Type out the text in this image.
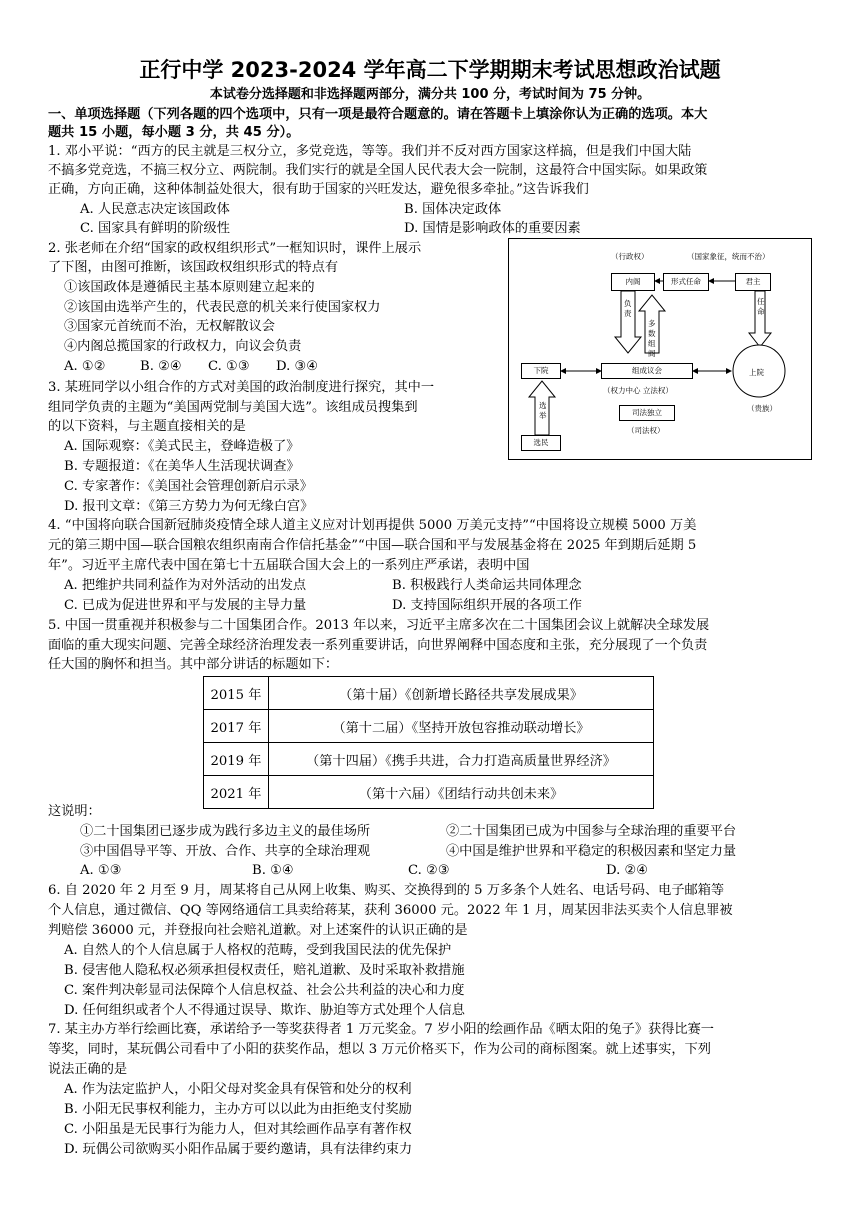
正行中学 2023-2024 学年高二下学期期末考试思想政治试题
本试卷分选择题和非选择题两部分，满分共 100 分，考试时间为 75 分钟。
一、单项选择题（下列各题的四个选项中，只有一项是最符合题意的。请在答题卡上填涂你认为正确的选项。本大
题共 15 小题，每小题 3 分，共 45 分）。
1. 邓小平说：“西方的民主就是三权分立，多党竞选，等等。我们并不反对西方国家这样搞，但是我们中国大陆
不搞多党竞选，不搞三权分立、两院制。我们实行的就是全国人民代表大会一院制，这最符合中国实际。如果政策
正确，方向正确，这种体制益处很大，很有助于国家的兴旺发达，避免很多牵扯。”这告诉我们
A. 人民意志决定该国政体	B. 国体决定政体
C. 国家具有鲜明的阶级性	D. 国情是影响政体的重要因素
2. 张老师在介绍“国家的政权组织形式”一框知识时，课件上展示
了下图，由图可推断，该国政权组织形式的特点有
①该国政体是遵循民主基本原则建立起来的
②该国由选举产生的，代表民意的机关来行使国家权力
③国家元首统而不治，无权解散议会
④内阁总揽国家的行政权力，向议会负责
A. ①②	B. ②④ C. ①③ D. ③④
（行政权）	（国家象征，统而不治）
内阁	形式任命	君主
负责
多数组阁
任命
下院	组成议会	上院
（权力中心 立法权）
（贵族）
选举	司法独立
（司法权）
选民
3. 某班同学以小组合作的方式对美国的政治制度进行探究，其中一
组同学负责的主题为“美国两党制与美国大选”。该组成员搜集到
的以下资料，与主题直接相关的是
A. 国际观察：《美式民主，登峰造极了》
B. 专题报道：《在美华人生活现状调查》
C. 专家著作：《美国社会管理创新启示录》
D. 报刊文章：《第三方势力为何无缘白宫》
4. “中国将向联合国新冠肺炎疫情全球人道主义应对计划再提供 5000 万美元支持”“中国将设立规模 5000 万美
元的第三期中国—联合国粮农组织南南合作信托基金”“中国—联合国和平与发展基金将在 2025 年到期后延期 5
年”。习近平主席代表中国在第七十五届联合国大会上的一系列庄严承诺，表明中国
A. 把维护共同利益作为对外活动的出发点	B. 积极践行人类命运共同体理念
C. 已成为促进世界和平与发展的主导力量	D. 支持国际组织开展的各项工作
5. 中国一贯重视并积极参与二十国集团合作。2013 年以来，习近平主席多次在二十国集团会议上就解决全球发展
面临的重大现实问题、完善全球经济治理发表一系列重要讲话，向世界阐释中国态度和主张，充分展现了一个负责
任大国的胸怀和担当。其中部分讲话的标题如下：
2015 年	（第十届）《创新增长路径共享发展成果》
2017 年	（第十二届）《坚持开放包容推动联动增长》
2019 年	（第十四届）《携手共进，合力打造高质量世界经济》
2021 年	（第十六届）《团结行动共创未来》
这说明：
①二十国集团已逐步成为践行多边主义的最佳场所	②二十国集团已成为中国参与全球治理的重要平台
③中国倡导平等、开放、合作、共享的全球治理观	④中国是维护世界和平稳定的积极因素和坚定力量
A. ①③	B. ①④	C. ②③	D. ②④
6. 自 2020 年 2 月至 9 月，周某将自己从网上收集、购买、交换得到的 5 万多条个人姓名、电话号码、电子邮箱等
个人信息，通过微信、QQ 等网络通信工具卖给蒋某，获利 36000 元。2022 年 1 月，周某因非法买卖个人信息罪被
判赔偿 36000 元，并登报向社会赔礼道歉。对上述案件的认识正确的是
A. 自然人的个人信息属于人格权的范畴，受到我国民法的优先保护
B. 侵害他人隐私权必须承担侵权责任，赔礼道歉、及时采取补救措施
C. 案件判决彰显司法保障个人信息权益、社会公共利益的决心和力度
D. 任何组织或者个人不得通过误导、欺诈、胁迫等方式处理个人信息
7. 某主办方举行绘画比赛，承诺给予一等奖获得者 1 万元奖金。7 岁小阳的绘画作品《晒太阳的兔子》获得比赛一
等奖，同时，某玩偶公司看中了小阳的获奖作品，想以 3 万元价格买下，作为公司的商标图案。就上述事实，下列
说法正确的是
A. 作为法定监护人，小阳父母对奖金具有保管和处分的权利
B. 小阳无民事权利能力，主办方可以以此为由拒绝支付奖励
C. 小阳虽是无民事行为能力人，但对其绘画作品享有著作权
D. 玩偶公司欲购买小阳作品属于要约邀请，具有法律约束力
